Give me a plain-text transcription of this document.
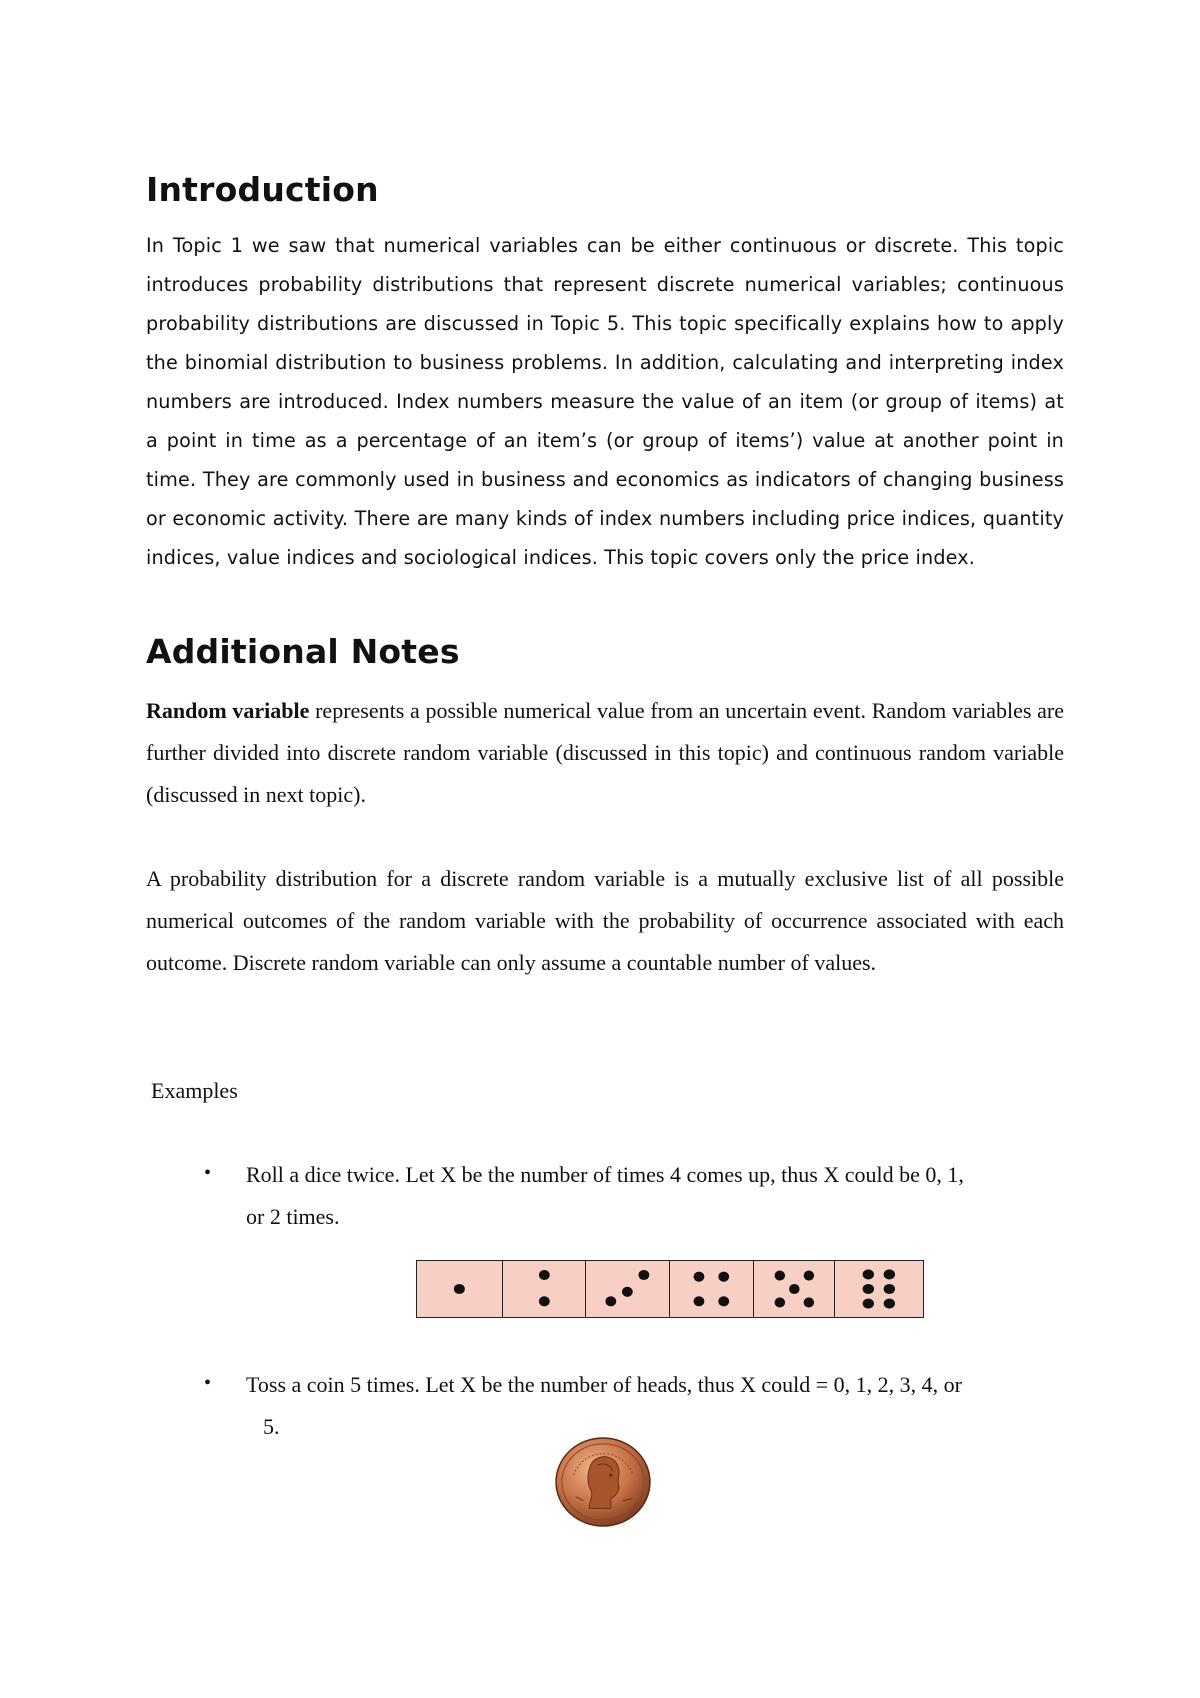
Introduction

In Topic 1 we saw that numerical variables can be either continuous or discrete. This topic introduces probability distributions that represent discrete numerical variables; continuous probability distributions are discussed in Topic 5. This topic specifically explains how to apply the binomial distribution to business problems. In addition, calculating and interpreting index numbers are introduced. Index numbers measure the value of an item (or group of items) at a point in time as a percentage of an item’s (or group of items’) value at another point in time. They are commonly used in business and economics as indicators of changing business or economic activity. There are many kinds of index numbers including price indices, quantity indices, value indices and sociological indices. This topic covers only the price index.

Additional Notes

Random variable represents a possible numerical value from an uncertain event. Random variables are further divided into discrete random variable (discussed in this topic) and continuous random variable (discussed in next topic).

A probability distribution for a discrete random variable is a mutually exclusive list of all possible numerical outcomes of the random variable with the probability of occurrence associated with each outcome. Discrete random variable can only assume a countable number of values.

Examples

• Roll a dice twice. Let X be the number of times 4 comes up, thus X could be 0, 1,
or 2 times.

• Toss a coin 5 times. Let X be the number of heads, thus X could = 0, 1, 2, 3, 4, or
5.
